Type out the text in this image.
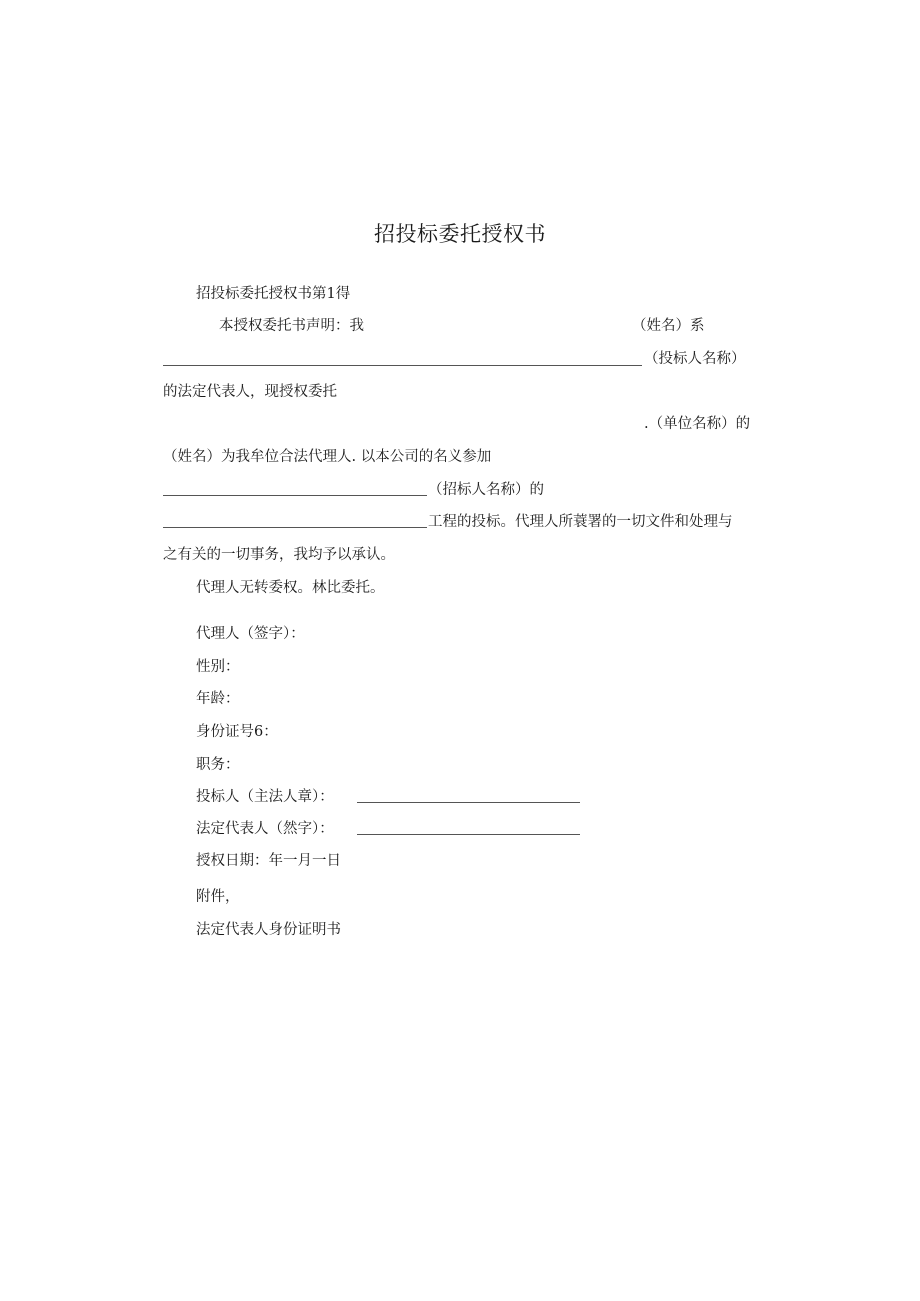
招投标委托授权书
招投标委托授权书第1得
本授权委托书声明：我	（姓名）系
（投标人名称）
的法定代表人，现授权委托
.（单位名称）的
（姓名）为我牟位合法代理人. 以本公司的名义参加
（招标人名称）的
工程的投标。代理人所蓑署的一切文件和处理与
之有关的一切事务，我均予以承认。
代理人无转委权。林比委托。
代理人（签字）：
性别：
年龄：
身份证号6：
职务：
投标人（主法人章）：
法定代表人（然字）：
授权日期：年一月一日
附件，
法定代表人身份证明书
